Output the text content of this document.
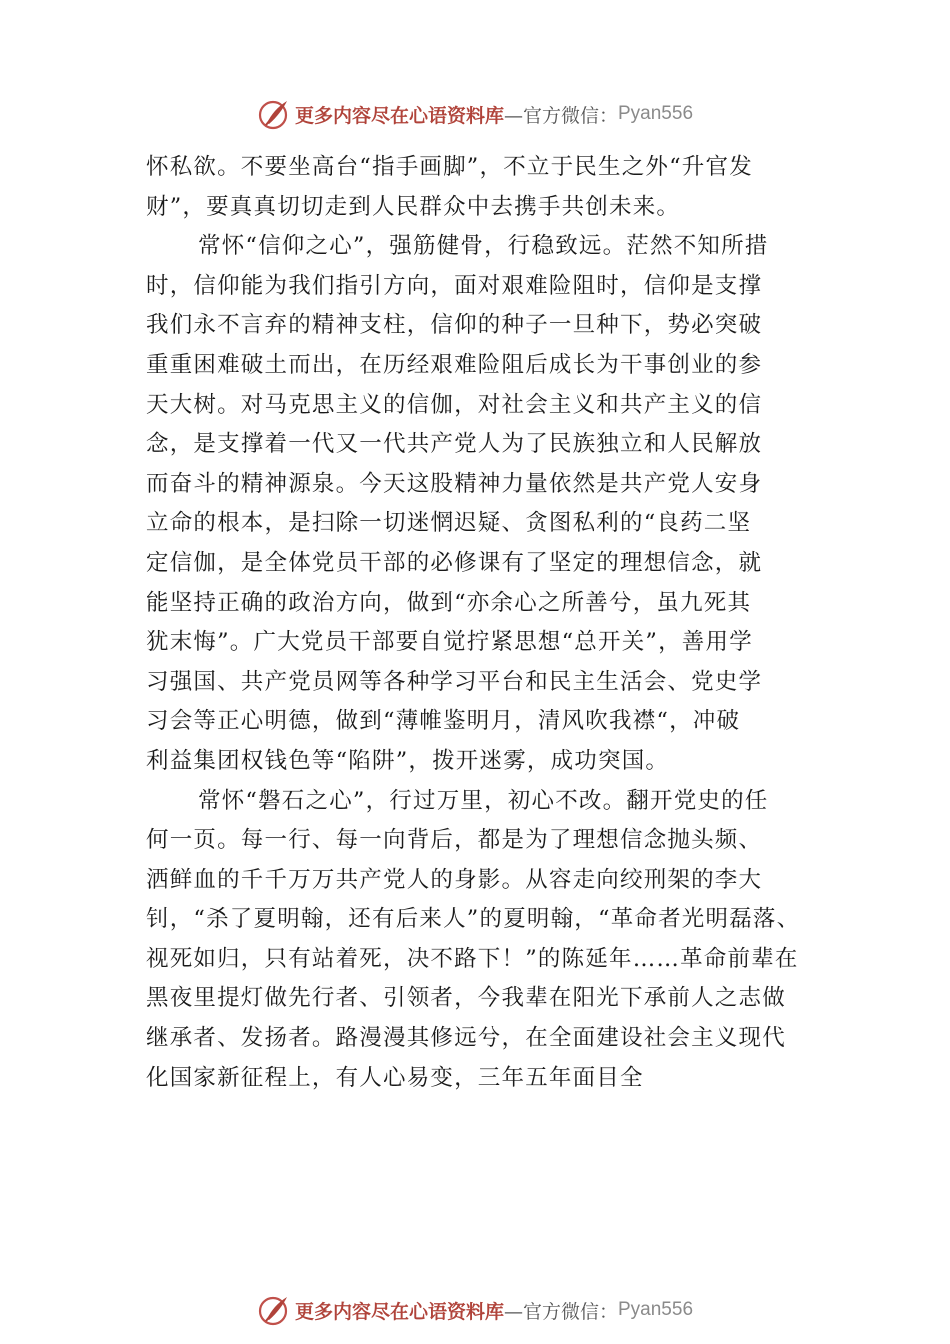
更多内容尽在心语资料库 —官方微信： Pyan556
怀私欲。不要坐高台“指手画脚”，不立于民生之外“升官发
财”，要真真切切走到人民群众中去携手共创未来。
常怀“信仰之心”，强筋健骨，行稳致远。茫然不知所措
时，信仰能为我们指引方向，面对艰难险阻时，信仰是支撑
我们永不言弃的精神支柱，信仰的种子一旦种下，势必突破
重重困难破土而出，在历经艰难险阻后成长为干事创业的参
天大树。对马克思主义的信伽，对社会主义和共产主义的信
念，是支撑着一代又一代共产党人为了民族独立和人民解放
而奋斗的精神源泉。今天这股精神力量依然是共产党人安身
立命的根本，是扫除一切迷惘迟疑、贪图私利的“良药二坚
定信伽，是全体党员干部的必修课有了坚定的理想信念，就
能坚持正确的政治方向，做到“亦余心之所善兮，虽九死其
犹末悔”。广大党员干部要自觉拧紧思想“总开关”，善用学
习强国、共产党员网等各种学习平台和民主生活会、党史学
习会等正心明德，做到“薄帷鉴明月，清风吹我襟“，冲破
利益集团权钱色等“陷阱”，拨开迷雾，成功突国。
常怀“磐石之心”，行过万里，初心不改。翻开党史的任
何一页。每一行、每一向背后，都是为了理想信念抛头频、
洒鲜血的千千万万共产党人的身影。从容走向绞刑架的李大
钊，“杀了夏明翰，还有后来人”的夏明翰，“革命者光明磊落、
视死如归，只有站着死，决不路下！”的陈延年……革命前辈在
黑夜里提灯做先行者、引领者，今我辈在阳光下承前人之志做
继承者、发扬者。路漫漫其修远兮，在全面建设社会主义现代
化国家新征程上，有人心易变，三年五年面目全
更多内容尽在心语资料库 —官方微信： Pyan556
